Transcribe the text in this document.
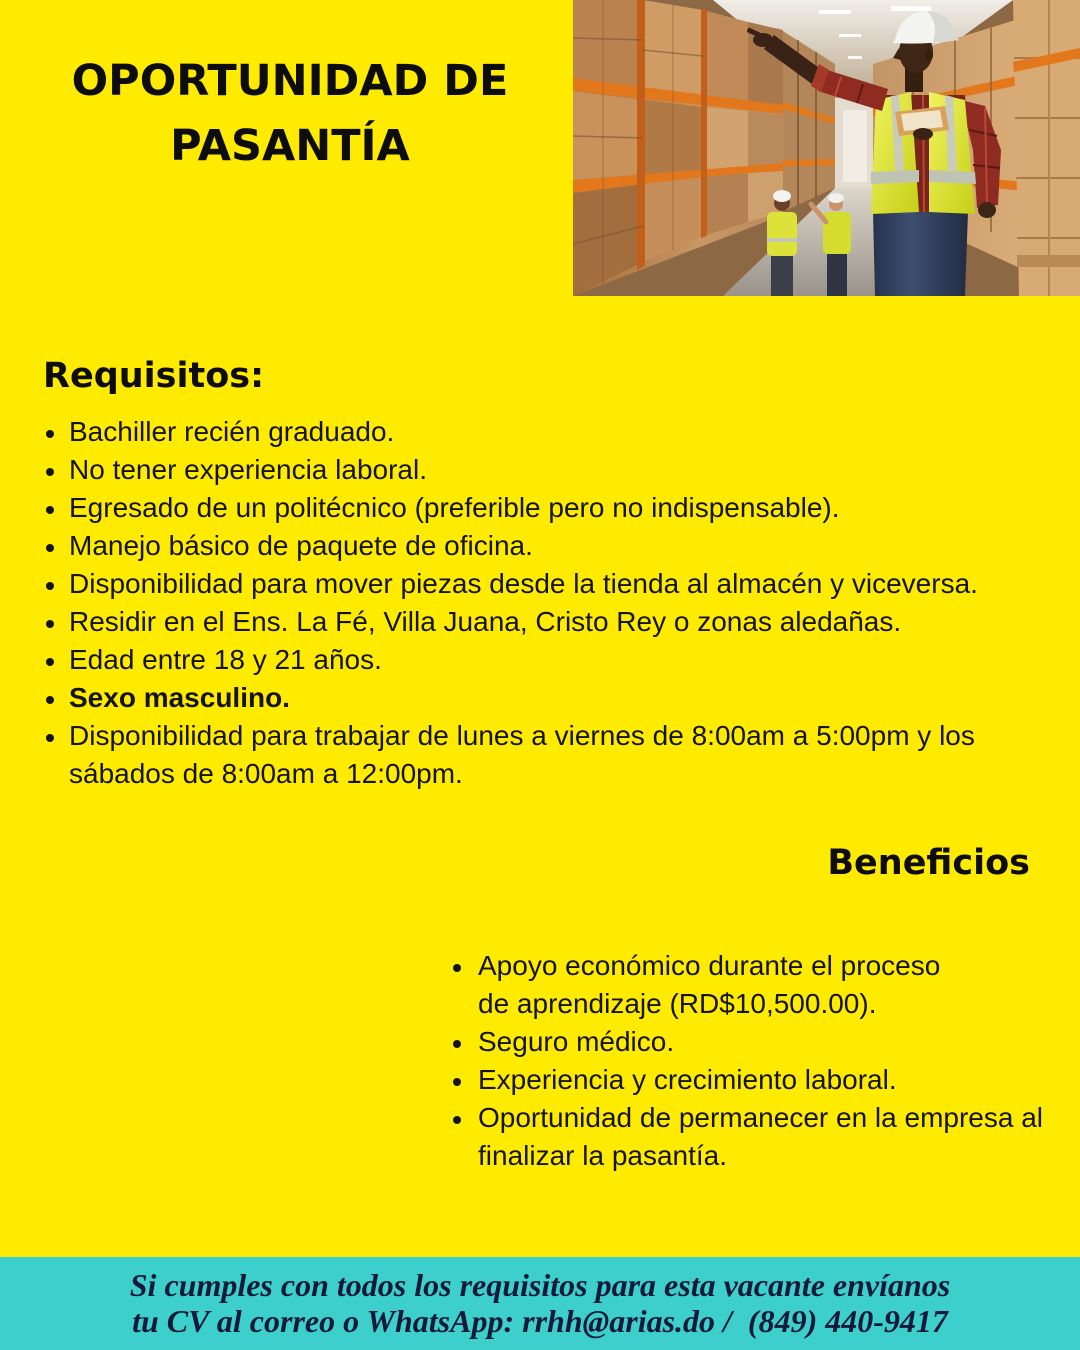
OPORTUNIDAD DE
PASANTÍA
Requisitos:
Bachiller recién graduado.
No tener experiencia laboral.
Egresado de un politécnico (preferible pero no indispensable).
Manejo básico de paquete de oficina.
Disponibilidad para mover piezas desde la tienda al almacén y viceversa.
Residir en el Ens. La Fé, Villa Juana, Cristo Rey o zonas aledañas.
Edad entre 18 y 21 años.
Sexo masculino.
Disponibilidad para trabajar de lunes a viernes de 8:00am a 5:00pm y los sábados de 8:00am a 12:00pm.
Beneficios
Apoyo económico durante el proceso
de aprendizaje (RD$10,500.00).
Seguro médico.
Experiencia y crecimiento laboral.
Oportunidad de permanecer en la empresa al finalizar la pasantía.
Si cumples con todos los requisitos para esta vacante envíanos
tu CV al correo o WhatsApp: rrhh@arias.do /  (849) 440-9417
